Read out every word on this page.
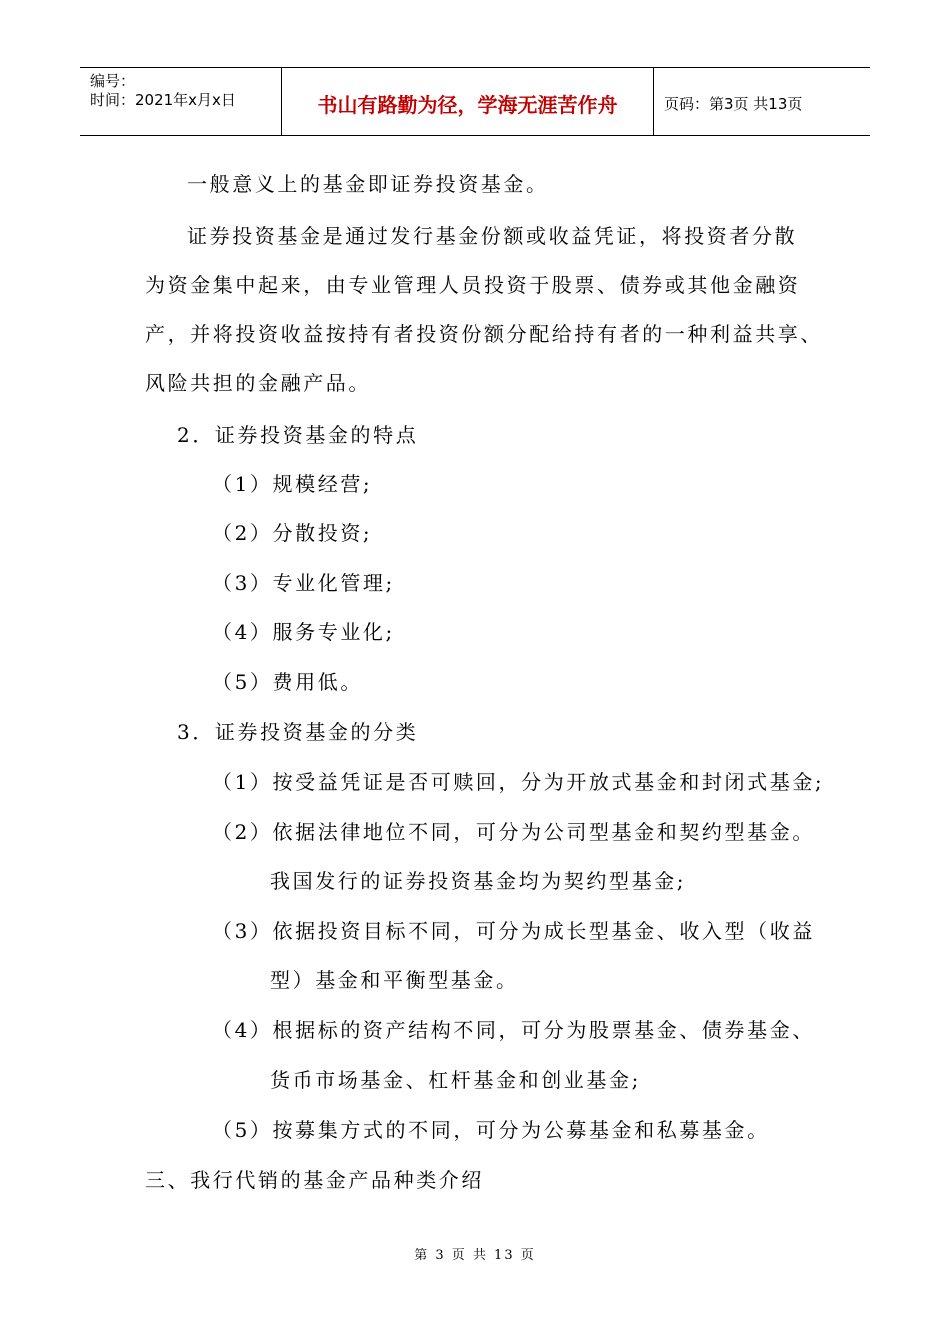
编号：
时间：2021年x月x日	书山有路勤为径，学海无涯苦作舟	页码：第3页 共13页
一般意义上的基金即证券投资基金。
证券投资基金是通过发行基金份额或收益凭证，将投资者分散
为资金集中起来，由专业管理人员投资于股票、债券或其他金融资
产，并将投资收益按持有者投资份额分配给持有者的一种利益共享、
风险共担的金融产品。
2．证券投资基金的特点
（1）规模经营;
（2）分散投资;
（3）专业化管理;
（4）服务专业化;
（5）费用低。
3．证券投资基金的分类
（1）按受益凭证是否可赎回，分为开放式基金和封闭式基金;
（2）依据法律地位不同，可分为公司型基金和契约型基金。
我国发行的证券投资基金均为契约型基金;
（3）依据投资目标不同，可分为成长型基金、收入型（收益
型）基金和平衡型基金。
（4）根据标的资产结构不同，可分为股票基金、债券基金、
货币市场基金、杠杆基金和创业基金;
（5）按募集方式的不同，可分为公募基金和私募基金。
三、我行代销的基金产品种类介绍
第 3 页 共 13 页
